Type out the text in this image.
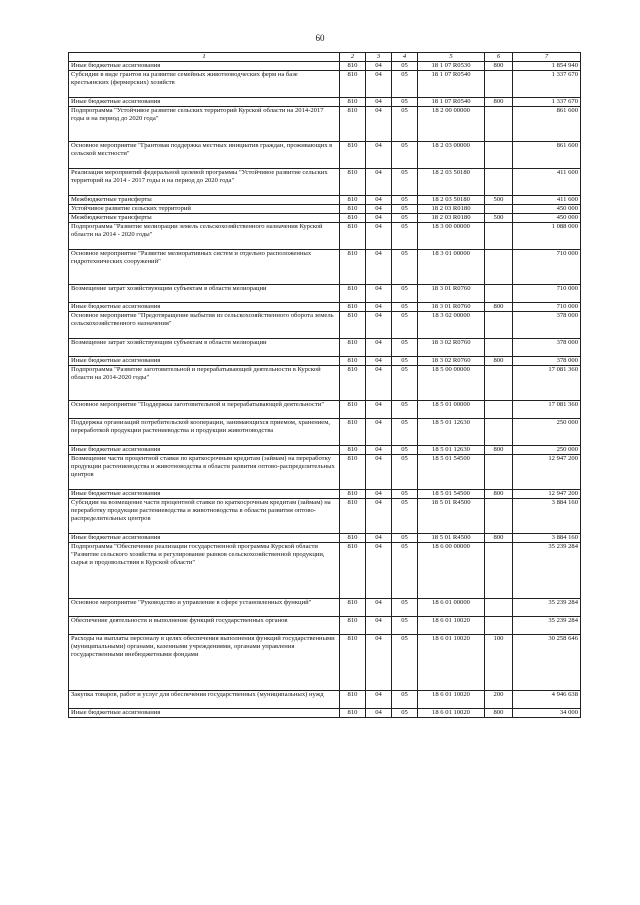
60
1	2	3	4	5	6	7
Иные бюджетные ассигнования	810	04	05	18 1 07 R0530	800	1 854 940
Субсидии в виде грантов на развитие семейных животноводческих ферм на базе крестьянских (фермерских) хозяйств	810	04	05	18 1 07 R0540		1 337 670
Иные бюджетные ассигнования	810	04	05	18 1 07 R0540	800	1 337 670
Подпрограмма "Устойчивое развитие сельских территорий Курской области на 2014-2017 годы и на период до 2020 года"	810	04	05	18 2 00 00000		861 600
Основное мероприятие "Грантовая поддержка местных инициатив граждан, проживающих в сельской местности"	810	04	05	18 2 03 00000		861 600
Реализация мероприятий федеральной целевой программы "Устойчивое развитие сельских территорий на 2014 - 2017 годы и на период до 2020 года"	810	04	05	18 2 03 50180		411 600
Межбюджетные трансферты	810	04	05	18 2 03 50180	500	411 600
Устойчивое развитие сельских территорий	810	04	05	18 2 03 R0180		450 000
Межбюджетные трансферты	810	04	05	18 2 03 R0180	500	450 000
Подпрограмма "Развитие мелиорации земель сельскохозяйственного назначения Курской области на 2014 - 2020 годы"	810	04	05	18 3 00 00000		1 088 000
Основное мероприятие "Развитие мелиоративных систем и отдельно расположенных гидротехнических сооружений"	810	04	05	18 3 01 00000		710 000
Возмещение затрат хозяйствующим субъектам в области мелиорации	810	04	05	18 3 01 R0760		710 000
Иные бюджетные ассигнования	810	04	05	18 3 01 R0760	800	710 000
Основное мероприятие "Предотвращение выбытия из сельскохозяйственного оборота земель сельскохозяйственного назначения"	810	04	05	18 3 02 00000		378 000
Возмещение затрат хозяйствующим субъектам в области мелиорации	810	04	05	18 3 02 R0760		378 000
Иные бюджетные ассигнования	810	04	05	18 3 02 R0760	800	378 000
Подпрограмма "Развитие заготовительной и перерабатывающей деятельности в Курской области на 2014-2020 годы"	810	04	05	18 5 00 00000		17 081 360
Основное мероприятие "Поддержка заготовительной и перерабатывающей деятельности"	810	04	05	18 5 01 00000		17 081 360
Поддержка организаций потребительской кооперации, занимающихся приемом, хранением, переработкой продукции растениеводства и продукции животноводства	810	04	05	18 5 01 12630		250 000
Иные бюджетные ассигнования	810	04	05	18 5 01 12630	800	250 000
Возмещение части процентной ставки по краткосрочным кредитам (займам) на переработку продукции растениеводства и животноводства в области развития оптово-распределительных центров	810	04	05	18 5 01 54500		12 947 200
Иные бюджетные ассигнования	810	04	05	18 5 01 54500	800	12 947 200
Субсидии на возмещение части процентной ставки по краткосрочным кредитам (займам) на переработку продукции растениеводства и животноводства в области развития оптово-распределительных центров	810	04	05	18 5 01 R4500		3 884 160
Иные бюджетные ассигнования	810	04	05	18 5 01 R4500	800	3 884 160
Подпрограмма "Обеспечение реализации государственной программы Курской области "Развитие сельского хозяйства и регулирование рынков сельскохозяйственной продукции, сырья и продовольствия в Курской области"	810	04	05	18 6 00 00000		35 239 284
Основное мероприятие "Руководство и управление в сфере установленных функций"	810	04	05	18 6 01 00000		35 239 284
Обеспечение деятельности и выполнение функций государственных органов	810	04	05	18 6 01 10020		35 239 284
Расходы на выплаты персоналу в целях обеспечения выполнения функций государственными (муниципальными) органами, казенными учреждениями, органами управления государственными внебюджетными фондами	810	04	05	18 6 01 10020	100	30 258 646
Закупка товаров, работ и услуг для обеспечения государственных (муниципальных) нужд	810	04	05	18 6 01 10020	200	4 946 638
Иные бюджетные ассигнования	810	04	05	18 6 01 10020	800	34 000
